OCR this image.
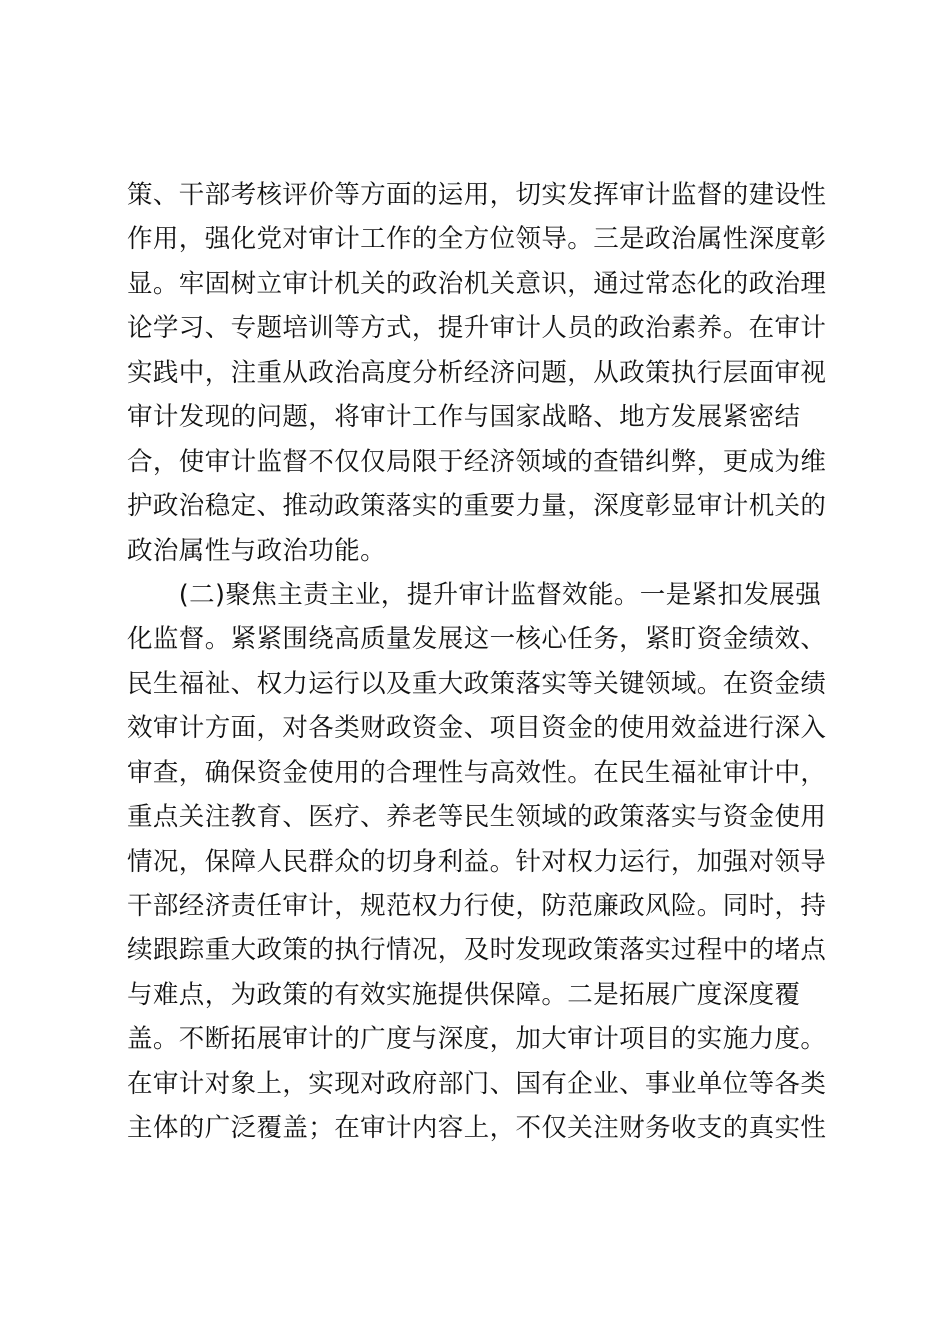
策、干部考核评价等方面的运用，切实发挥审计监督的建设性
作用，强化党对审计工作的全方位领导。三是政治属性深度彰
显。牢固树立审计机关的政治机关意识，通过常态化的政治理
论学习、专题培训等方式，提升审计人员的政治素养。在审计
实践中，注重从政治高度分析经济问题，从政策执行层面审视
审计发现的问题，将审计工作与国家战略、地方发展紧密结
合，使审计监督不仅仅局限于经济领域的查错纠弊，更成为维
护政治稳定、推动政策落实的重要力量，深度彰显审计机关的
政治属性与政治功能。
　　(二)聚焦主责主业，提升审计监督效能。一是紧扣发展强
化监督。紧紧围绕高质量发展这一核心任务，紧盯资金绩效、
民生福祉、权力运行以及重大政策落实等关键领域。在资金绩
效审计方面，对各类财政资金、项目资金的使用效益进行深入
审查，确保资金使用的合理性与高效性。在民生福祉审计中，
重点关注教育、医疗、养老等民生领域的政策落实与资金使用
情况，保障人民群众的切身利益。针对权力运行，加强对领导
干部经济责任审计，规范权力行使，防范廉政风险。同时，持
续跟踪重大政策的执行情况，及时发现政策落实过程中的堵点
与难点，为政策的有效实施提供保障。二是拓展广度深度覆
盖。不断拓展审计的广度与深度，加大审计项目的实施力度。
在审计对象上，实现对政府部门、国有企业、事业单位等各类
主体的广泛覆盖；在审计内容上，不仅关注财务收支的真实性
